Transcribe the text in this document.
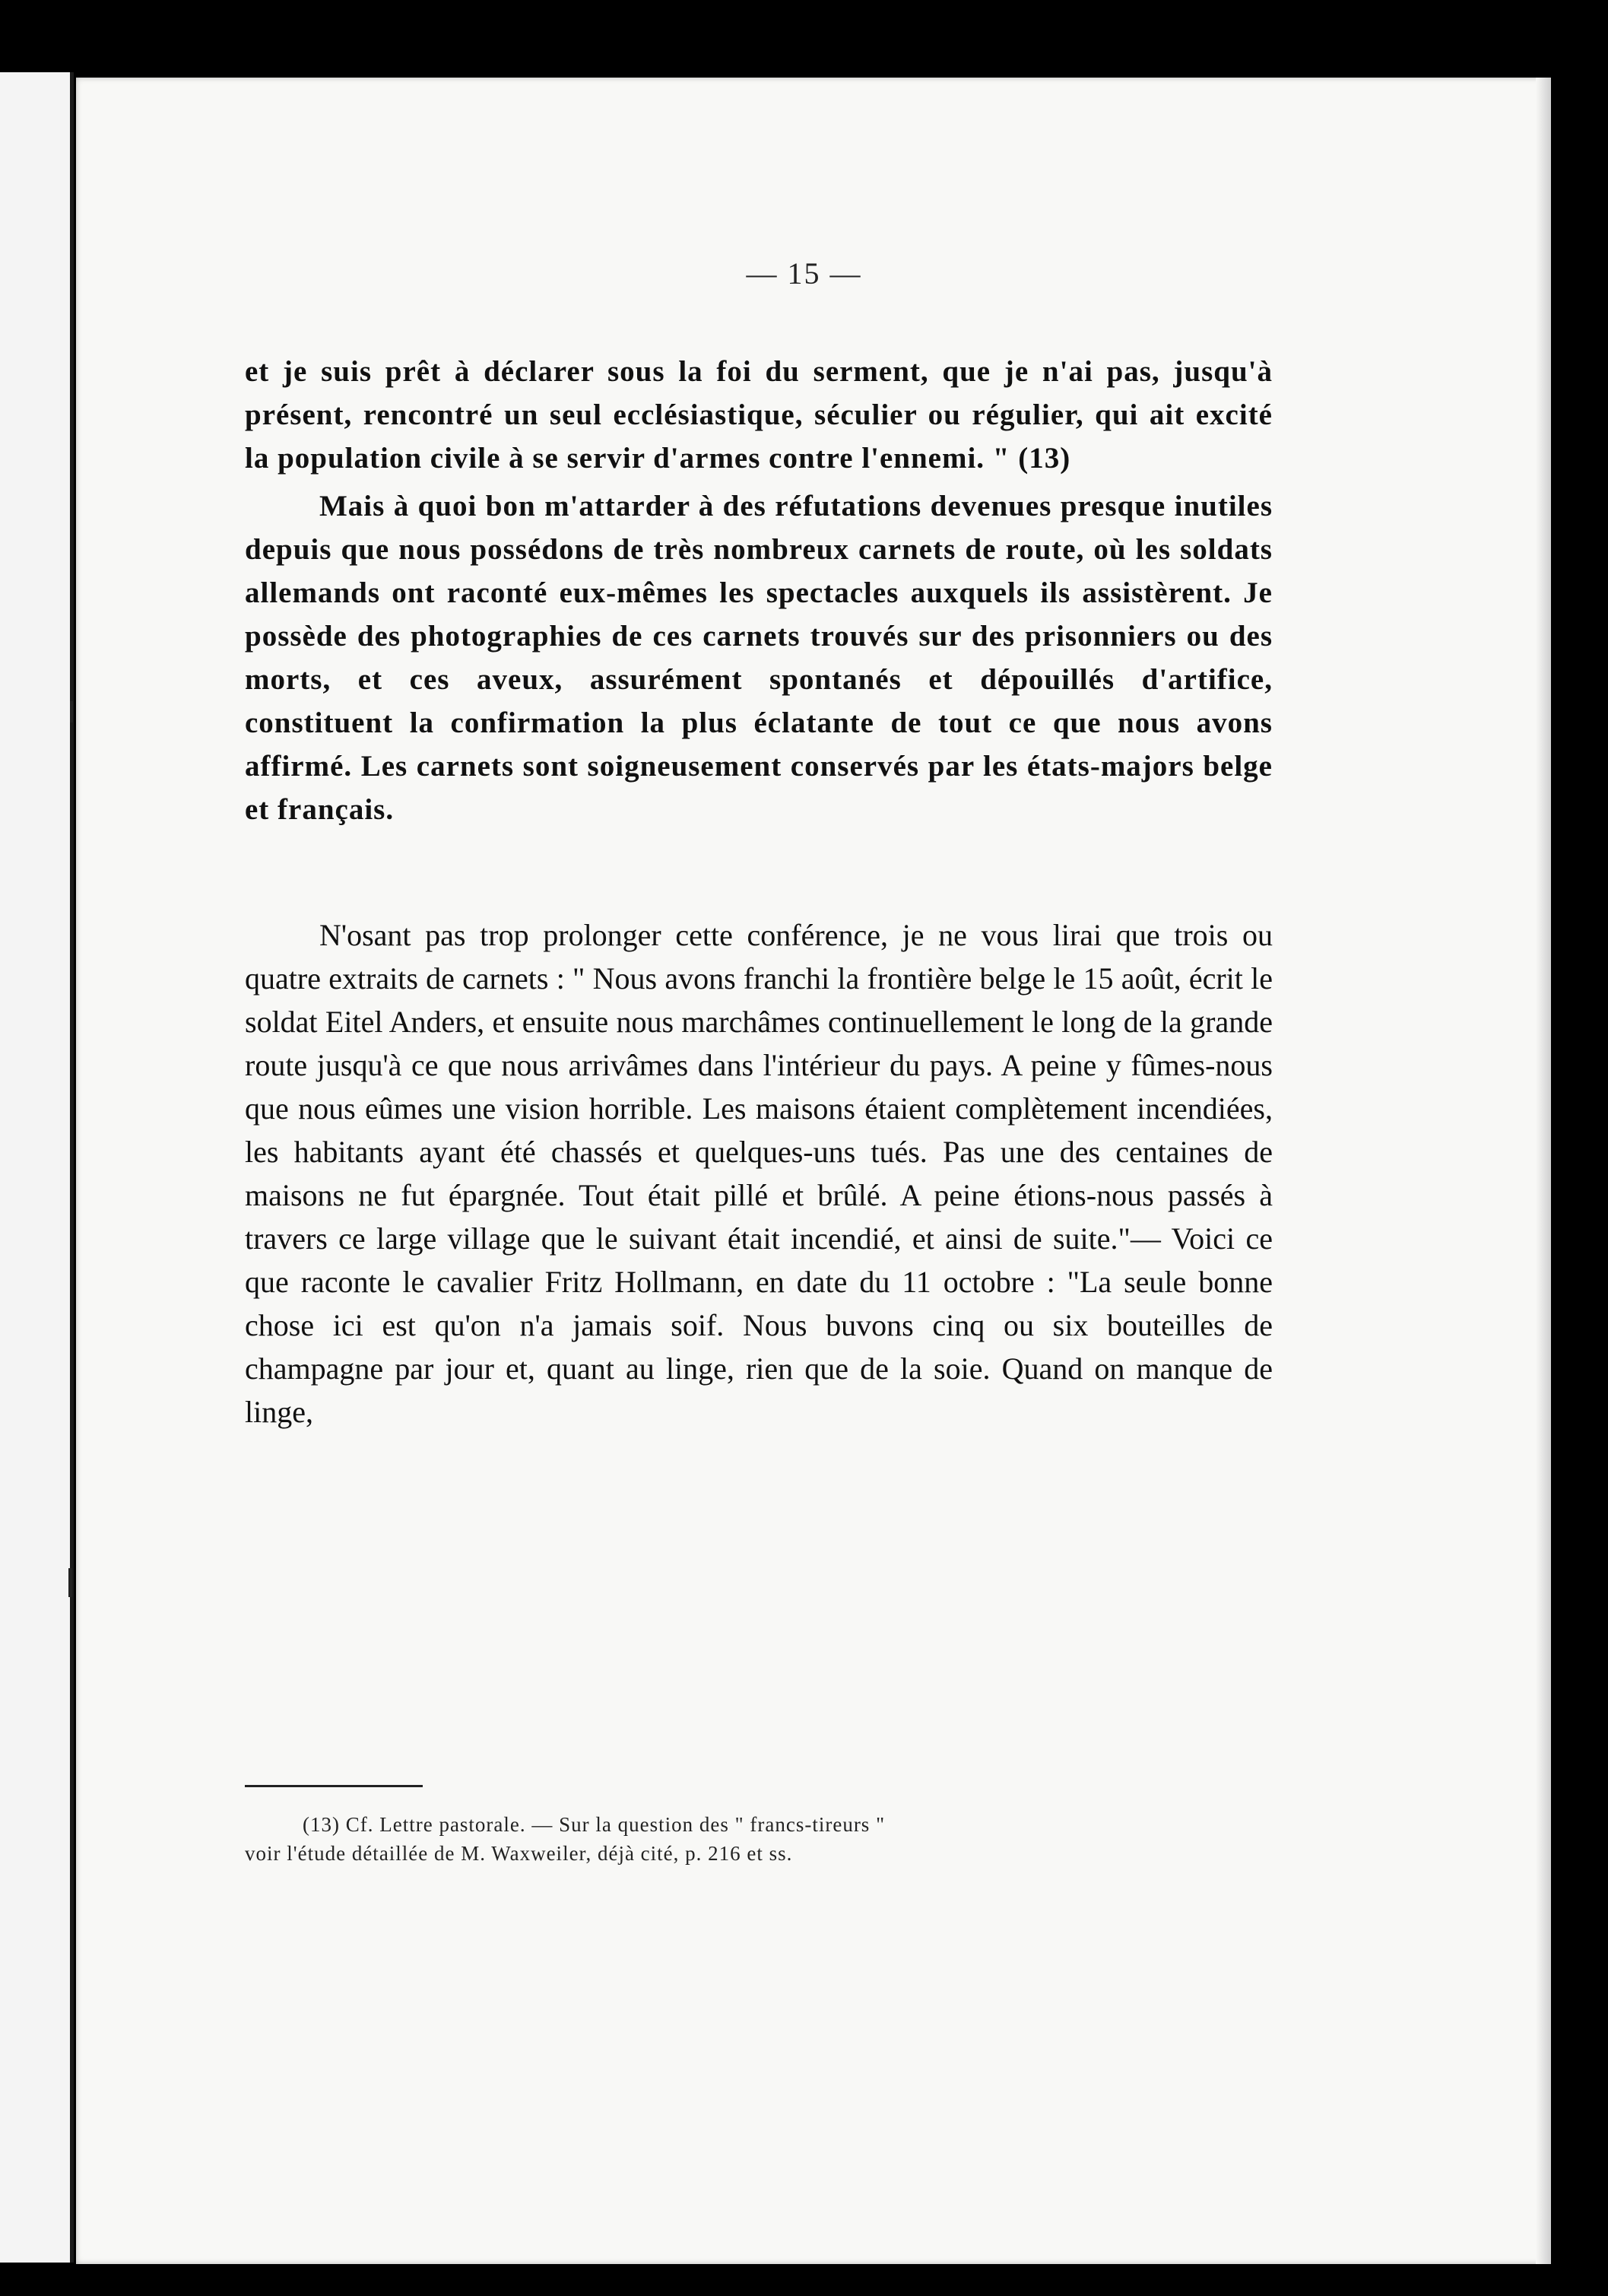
— 15 —

et je suis prêt à déclarer sous la foi du serment, que je n'ai pas, jusqu'à présent, rencontré un seul ecclésiastique, séculier ou régulier, qui ait excité la population civile à se servir d'armes contre l'ennemi. " (13)

Mais à quoi bon m'attarder à des réfutations devenues presque inutiles depuis que nous possédons de très nombreux carnets de route, où les soldats allemands ont raconté eux-mêmes les spectacles auxquels ils assistèrent. Je possède des photographies de ces carnets trouvés sur des prisonniers ou des morts, et ces aveux, assurément spontanés et dépouillés d'artifice, constituent la confirmation la plus éclatante de tout ce que nous avons affirmé. Les carnets sont soigneusement conservés par les états-majors belge et français.

N'osant pas trop prolonger cette conférence, je ne vous lirai que trois ou quatre extraits de carnets : " Nous avons franchi la frontière belge le 15 août, écrit le soldat Eitel Anders, et ensuite nous marchâmes continuellement le long de la grande route jusqu'à ce que nous arrivâmes dans l'intérieur du pays. A peine y fûmes-nous que nous eûmes une vision horrible. Les maisons étaient complètement incendiées, les habitants ayant été chassés et quelques-uns tués. Pas une des centaines de maisons ne fut épargnée. Tout était pillé et brûlé. A peine étions-nous passés à travers ce large village que le suivant était incendié, et ainsi de suite."— Voici ce que raconte le cavalier Fritz Hollmann, en date du 11 octobre : "La seule bonne chose ici est qu'on n'a jamais soif. Nous buvons cinq ou six bouteilles de champagne par jour et, quant au linge, rien que de la soie. Quand on manque de linge,

(13) Cf. Lettre pastorale. — Sur la question des " francs-tireurs "
voir l'étude détaillée de M. Waxweiler, déjà cité, p. 216 et ss.
